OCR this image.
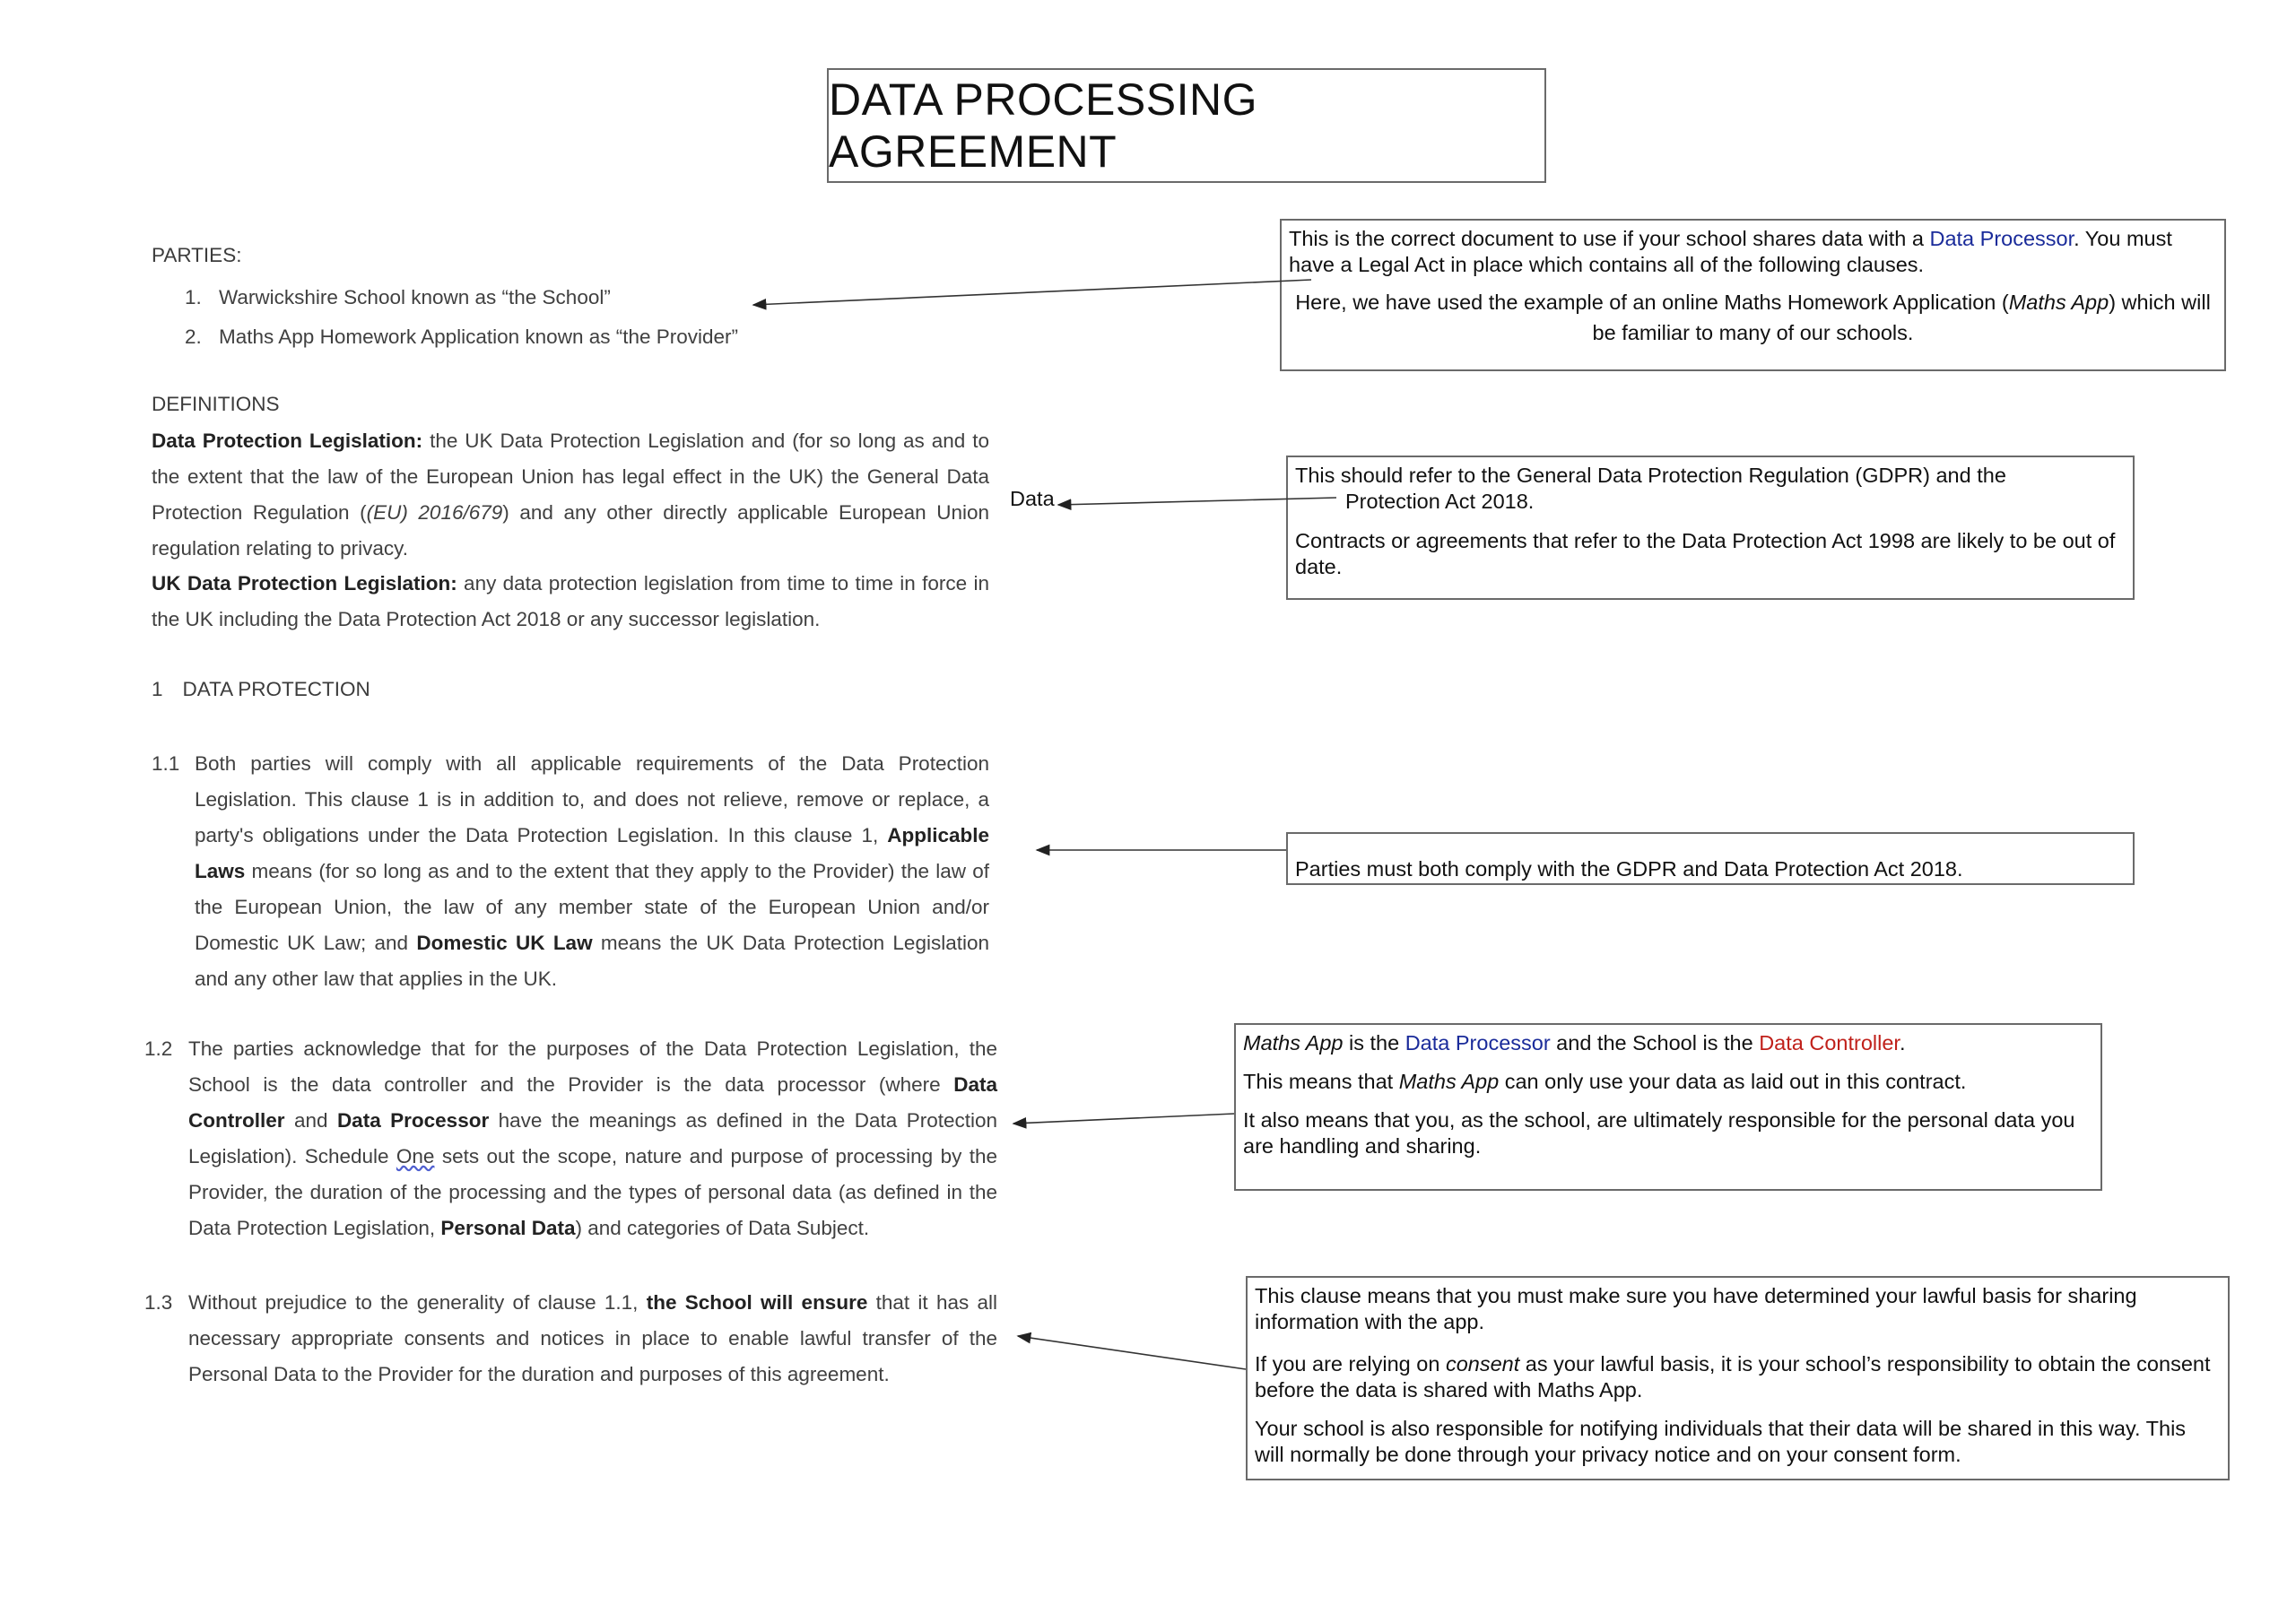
DATA PROCESSING AGREEMENT
PARTIES:
1. Warwickshire School known as “the School”
2. Maths App Homework Application known as “the Provider”
DEFINITIONS
Data Protection Legislation: the UK Data Protection Legislation and (for so long as and to the extent that the law of the European Union has legal effect in the UK) the General Data Protection Regulation ((EU) 2016/679) and any other directly applicable European Union regulation relating to privacy.
UK Data Protection Legislation: any data protection legislation from time to time in force in the UK including the Data Protection Act 2018 or any successor legislation.
Data
1 DATA PROTECTION
1.1 Both parties will comply with all applicable requirements of the Data Protection Legislation. This clause 1 is in addition to, and does not relieve, remove or replace, a party's obligations under the Data Protection Legislation. In this clause 1, Applicable Laws means (for so long as and to the extent that they apply to the Provider) the law of the European Union, the law of any member state of the European Union and/or Domestic UK Law; and Domestic UK Law means the UK Data Protection Legislation and any other law that applies in the UK.
1.2 The parties acknowledge that for the purposes of the Data Protection Legislation, the School is the data controller and the Provider is the data processor (where Data Controller and Data Processor have the meanings as defined in the Data Protection Legislation). Schedule One sets out the scope, nature and purpose of processing by the Provider, the duration of the processing and the types of personal data (as defined in the Data Protection Legislation, Personal Data) and categories of Data Subject.
1.3 Without prejudice to the generality of clause 1.1, the School will ensure that it has all necessary appropriate consents and notices in place to enable lawful transfer of the Personal Data to the Provider for the duration and purposes of this agreement.

This is the correct document to use if your school shares data with a Data Processor. You must have a Legal Act in place which contains all of the following clauses.

Here, we have used the example of an online Maths Homework Application (Maths App) which will be familiar to many of our schools.

This should refer to the General Data Protection Regulation (GDPR) and the

Protection Act 2018.

Contracts or agreements that refer to the Data Protection Act 1998 are likely to be out of date.

Parties must both comply with the GDPR and Data Protection Act 2018.

Maths App is the Data Processor and the School is the Data Controller.

This means that Maths App can only use your data as laid out in this contract.

It also means that you, as the school, are ultimately responsible for the personal data you are handling and sharing.

This clause means that you must make sure you have determined your lawful basis for sharing information with the app.

If you are relying on consent as your lawful basis, it is your school’s responsibility to obtain the consent before the data is shared with Maths App.

Your school is also responsible for notifying individuals that their data will be shared in this way. This will normally be done through your privacy notice and on your consent form.
